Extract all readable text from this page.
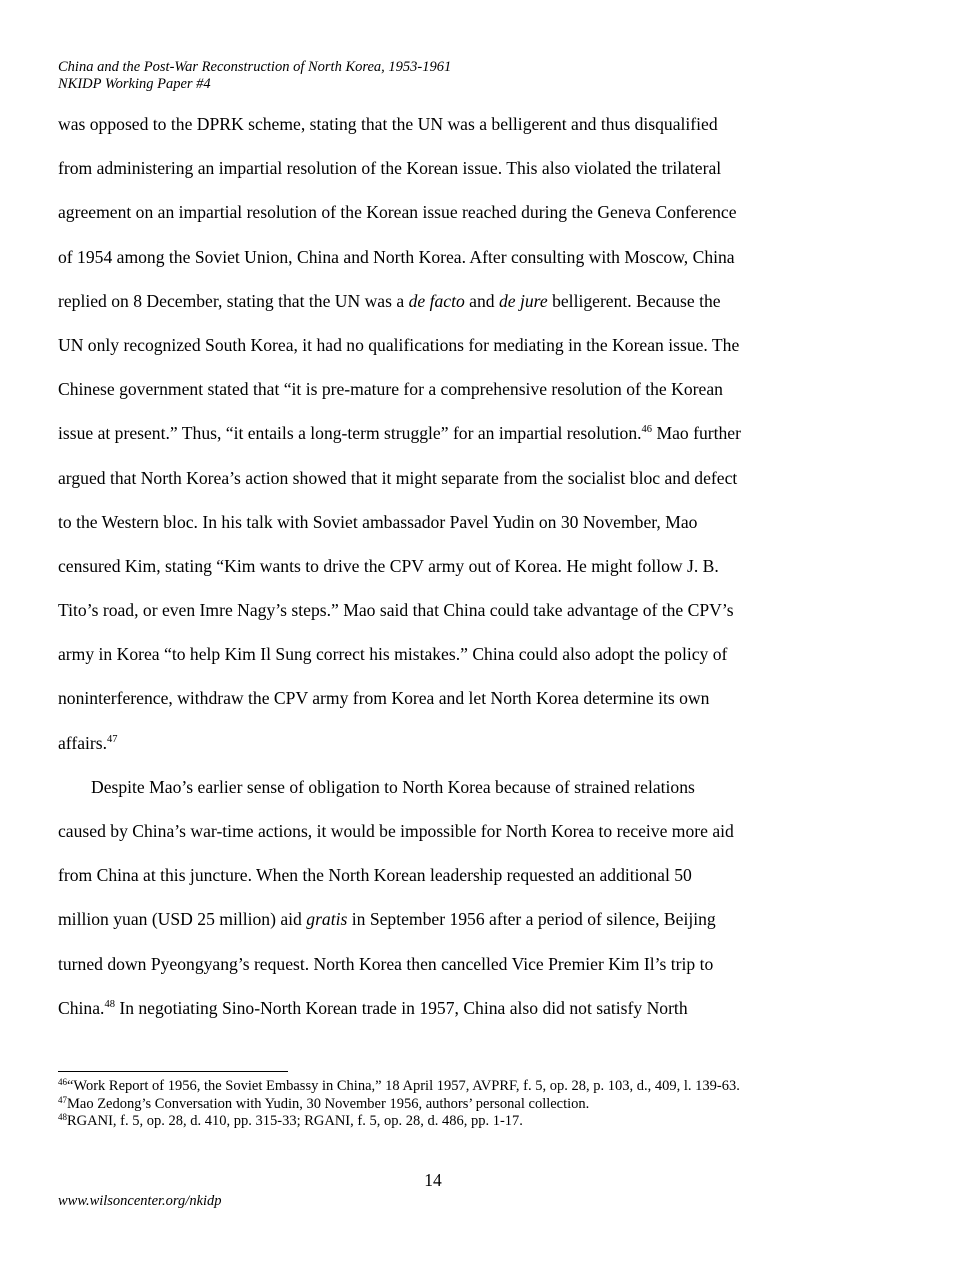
China and the Post-War Reconstruction of North Korea, 1953-1961
NKIDP Working Paper #4
was opposed to the DPRK scheme, stating that the UN was a belligerent and thus disqualified
from administering an impartial resolution of the Korean issue. This also violated the trilateral
agreement on an impartial resolution of the Korean issue reached during the Geneva Conference
of 1954 among the Soviet Union, China and North Korea. After consulting with Moscow, China
replied on 8 December, stating that the UN was a de facto and de jure belligerent. Because the
UN only recognized South Korea, it had no qualifications for mediating in the Korean issue. The
Chinese government stated that “it is pre-mature for a comprehensive resolution of the Korean
issue at present.” Thus, “it entails a long-term struggle” for an impartial resolution.$^{46}$ Mao further
argued that North Korea’s action showed that it might separate from the socialist bloc and defect
to the Western bloc. In his talk with Soviet ambassador Pavel Yudin on 30 November, Mao
censured Kim, stating “Kim wants to drive the CPV army out of Korea. He might follow J. B.
Tito’s road, or even Imre Nagy’s steps.” Mao said that China could take advantage of the CPV’s
army in Korea “to help Kim Il Sung correct his mistakes.” China could also adopt the policy of
noninterference, withdraw the CPV army from Korea and let North Korea determine its own
affairs.$^{47}$
Despite Mao’s earlier sense of obligation to North Korea because of strained relations
caused by China’s war-time actions, it would be impossible for North Korea to receive more aid
from China at this juncture. When the North Korean leadership requested an additional 50
million yuan (USD 25 million) aid gratis in September 1956 after a period of silence, Beijing
turned down Pyeongyang’s request. North Korea then cancelled Vice Premier Kim Il’s trip to
China.$^{48}$ In negotiating Sino-North Korean trade in 1957, China also did not satisfy North
$^{46}$“Work Report of 1956, the Soviet Embassy in China,” 18 April 1957, AVPRF, f. 5, op. 28, p. 103, d., 409, l. 139-63.
$^{47}$Mao Zedong’s Conversation with Yudin, 30 November 1956, authors’ personal collection.
$^{48}$RGANI, f. 5, op. 28, d. 410, pp. 315-33; RGANI, f. 5, op. 28, d. 486, pp. 1-17.
14
www.wilsoncenter.org/nkidp
